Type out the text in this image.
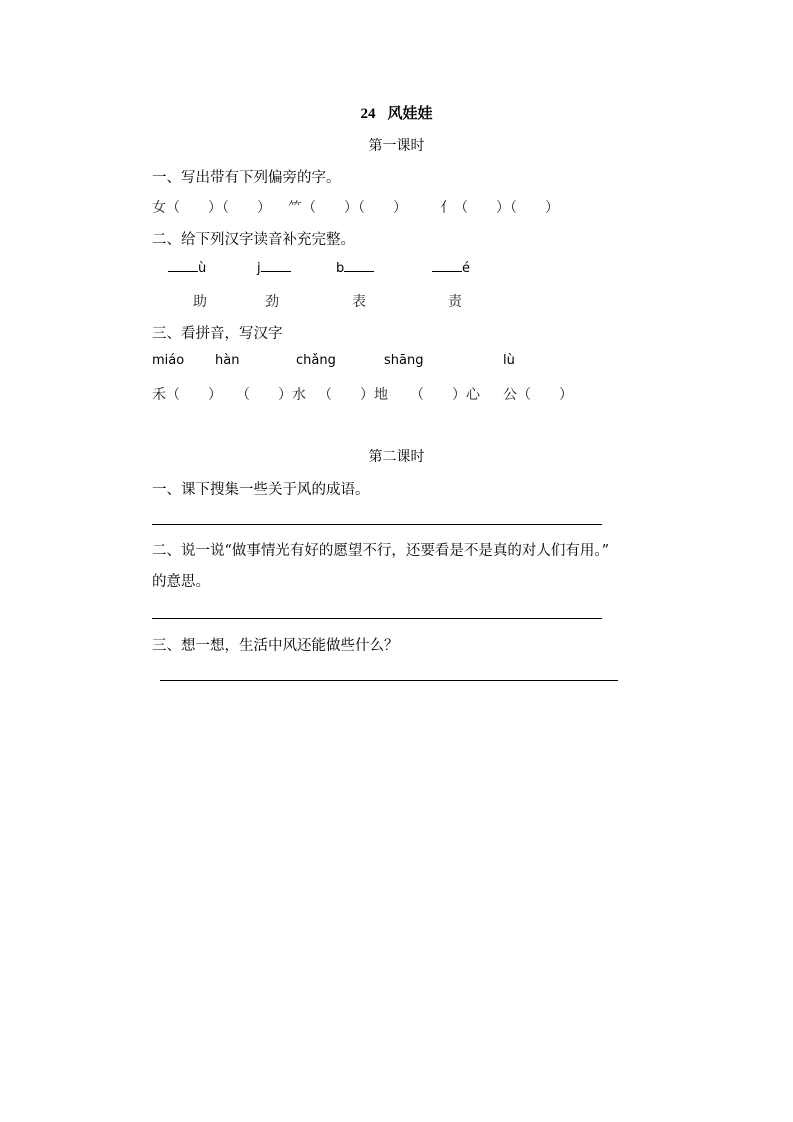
24 风娃娃
第一课时
一、写出带有下列偏旁的字。
女（　　）（　　） ⺮（　　）（　　） 亻（　　）（　　）
二、给下列汉字读音补充完整。
ù	j	b	é
助	劲	表	责
三、看拼音，写汉字
miáo hàn	chǎng	shāng	lù
禾（　　） （　　）水 （　　）地 （　　）心 公（　　）
第二课时
一、课下搜集一些关于风的成语。
二、说一说“做事情光有好的愿望不行，还要看是不是真的对人们有用。”
的意思。
三、想一想，生活中风还能做些什么？
